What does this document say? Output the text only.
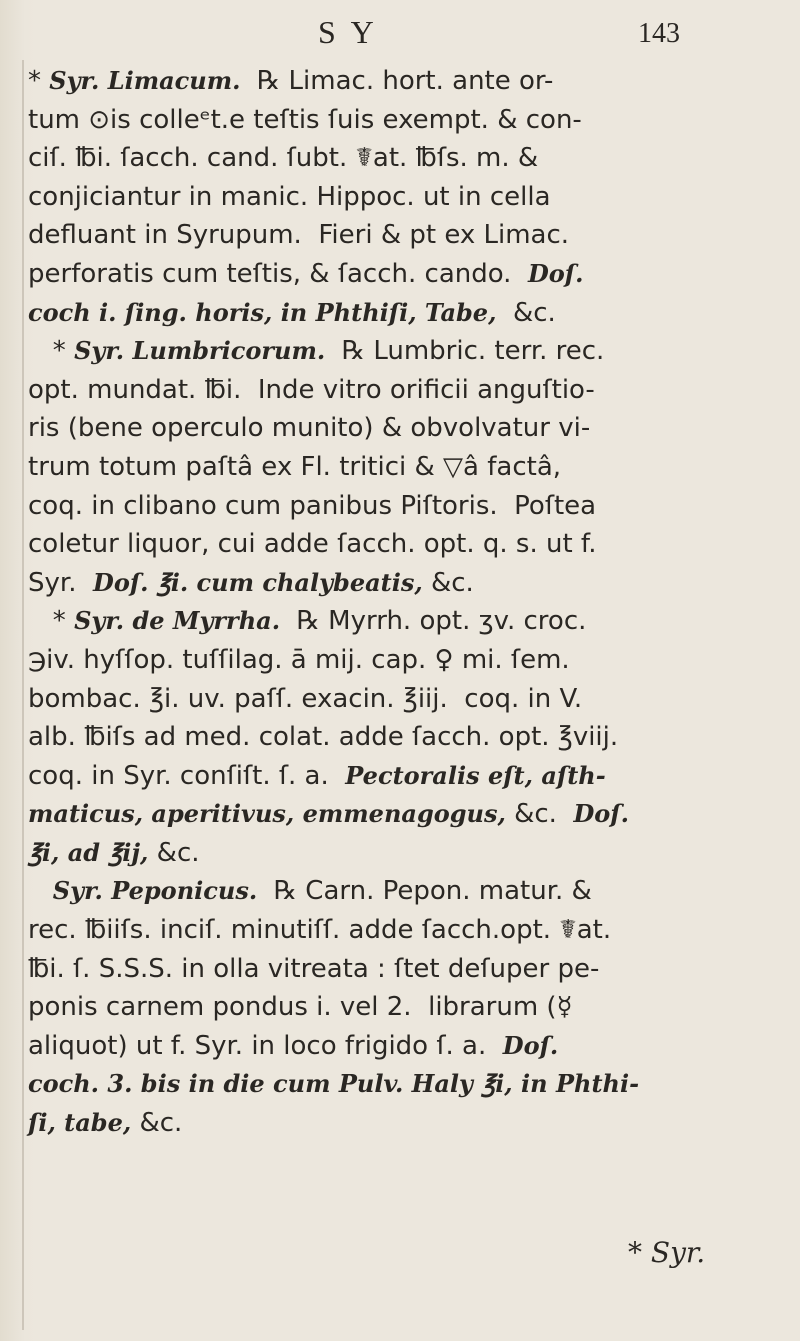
S Y	143
* Syr. Limacum.  ℞ Limac. hort. ante or-
tum ⊙is colleᵉt.e teſtis ſuis exempt. & con-
ciſ. ℔i. ſacch. cand. ſubt. ☤at. ℔ſs. m. &
conjiciantur in manic. Hippoc. ut in cella
defluant in Syrupum.  Fieri & pt ex Limac.
perforatis cum teſtis, & ſacch. cando.  Doſ.
coch i. ſing. horis, in Phthiſi, Tabe,  &c.
* Syr. Lumbricorum.  ℞ Lumbric. terr. rec.
opt. mundat. ℔i.  Inde vitro orificii anguſtio-
ris (bene operculo munito) & obvolvatur vi-
trum totum paſtâ ex Fl. tritici & ▽â factâ,
coq. in clibano cum panibus Piſtoris.  Poſtea
coletur liquor, cui adde ſacch. opt. q. s. ut f.
Syr.  Doſ. ℥i. cum chalybeatis, &c.
* Syr. de Myrrha.  ℞ Myrrh. opt. ʒv. croc.
℈iv. hyſſop. tuſſilag. ā mij. cap. ♀ mi. ſem.
bombac. ℥i. uv. paſſ. exacin. ℥iij.  coq. in V.
alb. ℔iſs ad med. colat. adde ſacch. opt. ℥viij.
coq. in Syr. conſiſt. ſ. a.  Pectoralis eſt, aſth-
maticus, aperitivus, emmenagogus, &c.  Doſ.
℥i, ad ℥ij, &c.
Syr. Peponicus.  ℞ Carn. Pepon. matur. &
rec. ℔iiſs. inciſ. minutiſſ. adde ſacch.opt. ☤at.
℔i. ſ. S.S.S. in olla vitreata : ſtet deſuper pe-
ponis carnem pondus i. vel 2.  librarum (☿
aliquot) ut f. Syr. in loco frigido ſ. a.  Doſ.
coch. 3. bis in die cum Pulv. Haly ℥i, in Phthi-
ſi, tabe, &c.
* Syr.
